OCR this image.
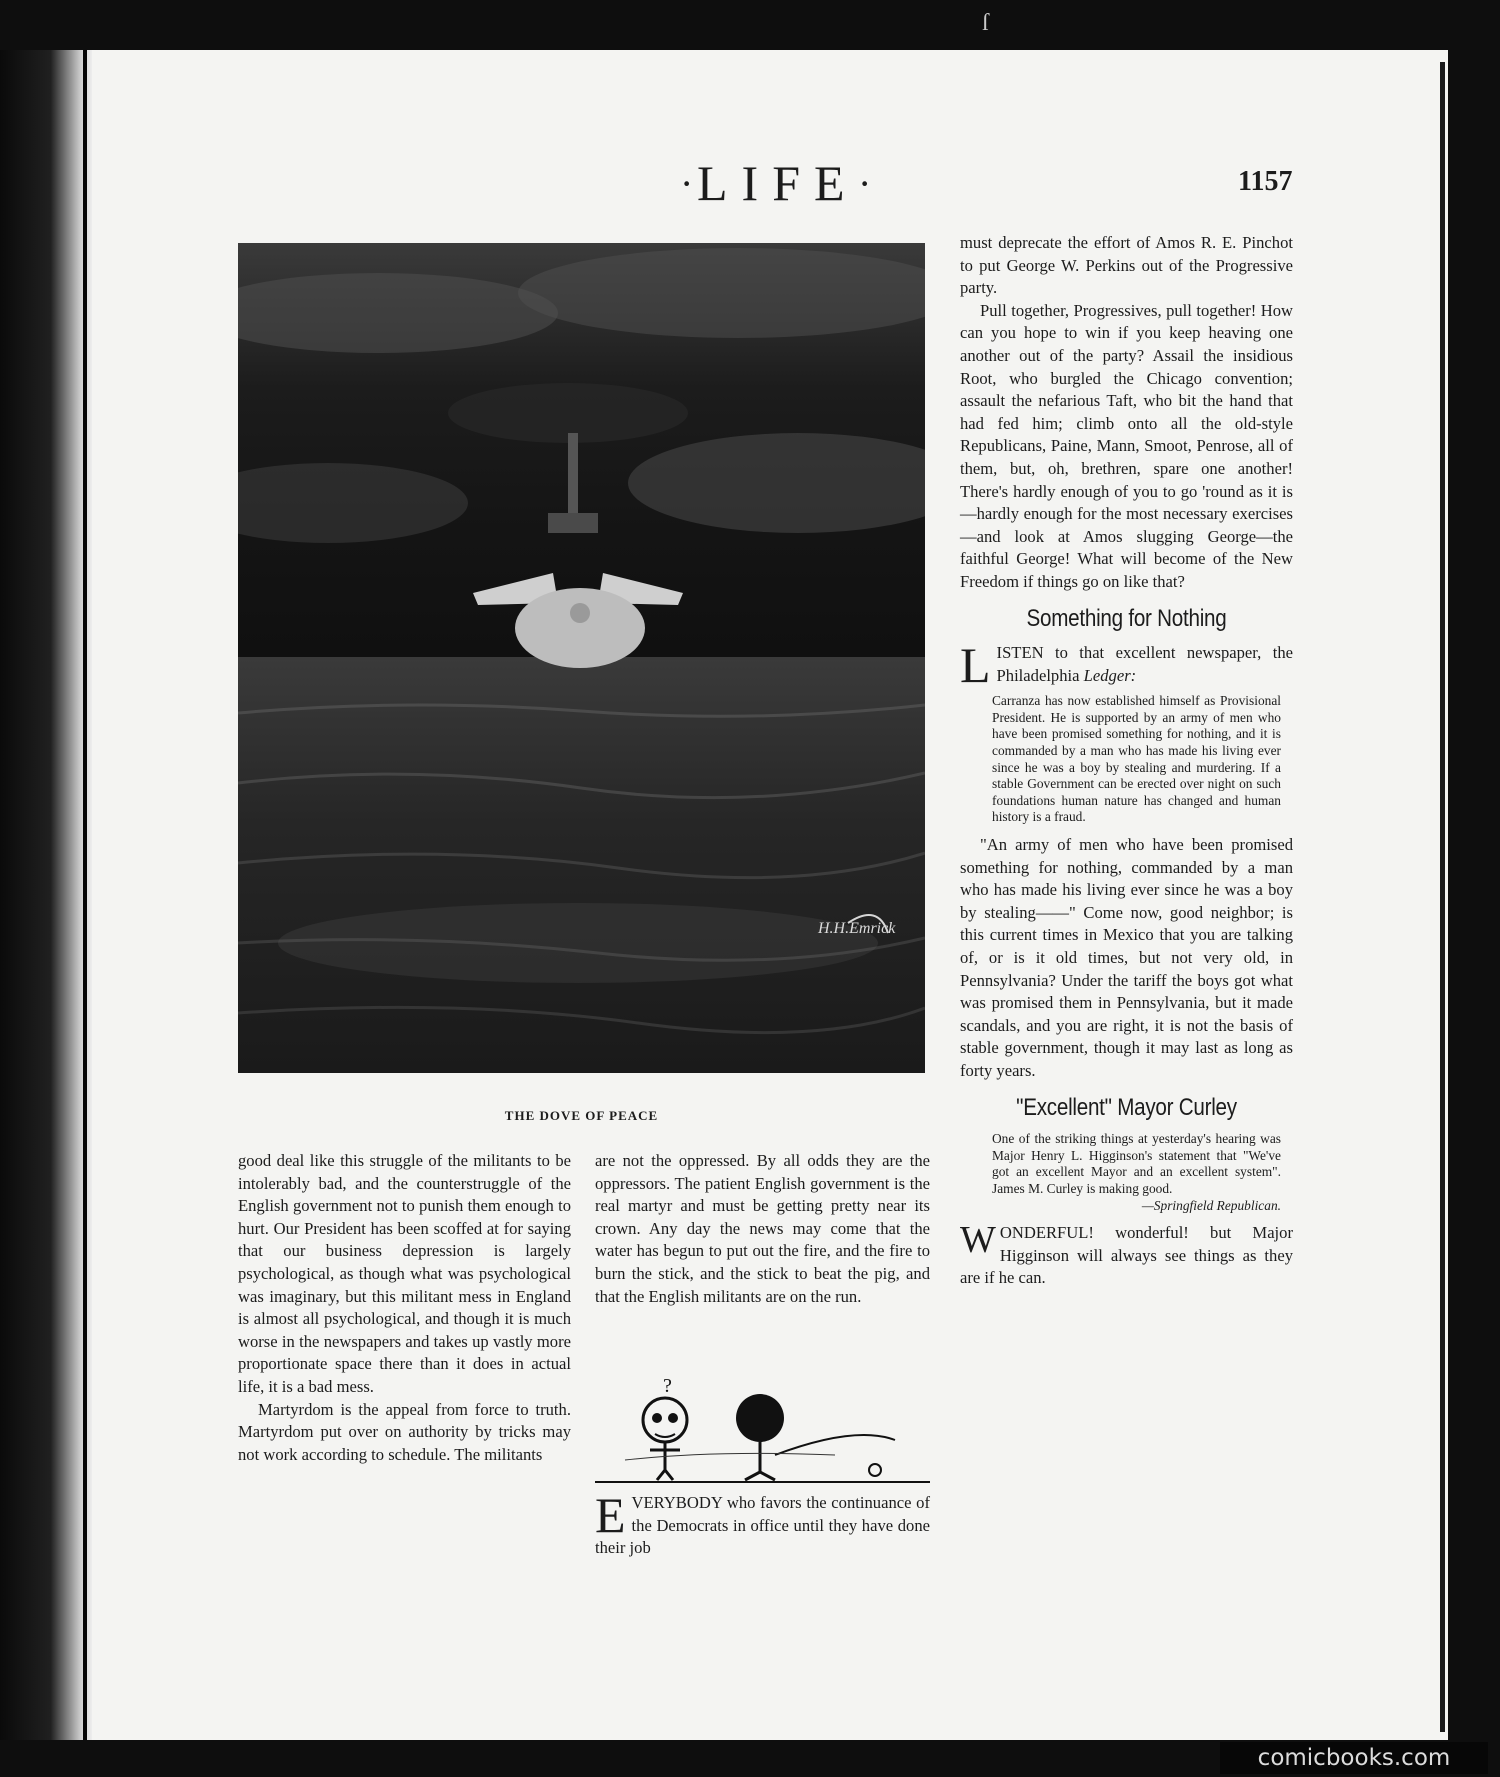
ſ
· LIFE ·	1157
H.H.Emrick
THE DOVE OF PEACE

good deal like this struggle of the militants to be intolerably bad, and the counterstruggle of the English government not to punish them enough to hurt. Our President has been scoffed at for saying that our business depression is largely psychological, as though what was psychological was imaginary, but this militant mess in England is almost all psychological, and though it is much worse in the newspapers and takes up vastly more proportionate space there than it does in actual life, it is a bad mess.

Martyrdom is the appeal from force to truth. Martyrdom put over on authority by tricks may not work according to schedule. The militants

are not the oppressed. By all odds they are the oppressors. The patient English government is the real martyr and must be getting pretty near its crown. Any day the news may come that the water has begun to put out the fire, and the fire to burn the stick, and the stick to beat the pig, and that the English militants are on the run.

?

EVERYBODY who favors the continuance of the Democrats in office until they have done their job

must deprecate the effort of Amos R. E. Pinchot to put George W. Perkins out of the Progressive party.

Pull together, Progressives, pull together! How can you hope to win if you keep heaving one another out of the party? Assail the insidious Root, who burgled the Chicago convention; assault the nefarious Taft, who bit the hand that had fed him; climb onto all the old-style Republicans, Paine, Mann, Smoot, Penrose, all of them, but, oh, brethren, spare one another! There's hardly enough of you to go 'round as it is—hardly enough for the most necessary exercises—and look at Amos slugging George—the faithful George! What will become of the New Freedom if things go on like that?

Something for Nothing

LISTEN to that excellent newspaper, the Philadelphia Ledger:

Carranza has now established himself as Provisional President. He is supported by an army of men who have been promised something for nothing, and it is commanded by a man who has made his living ever since he was a boy by stealing and murdering. If a stable Government can be erected over night on such foundations human nature has changed and human history is a fraud.

"An army of men who have been promised something for nothing, commanded by a man who has made his living ever since he was a boy by stealing——" Come now, good neighbor; is this current times in Mexico that you are talking of, or is it old times, but not very old, in Pennsylvania? Under the tariff the boys got what was promised them in Pennsylvania, but it made scandals, and you are right, it is not the basis of stable government, though it may last as long as forty years.

"Excellent" Mayor Curley

One of the striking things at yesterday's hearing was Major Henry L. Higginson's statement that "We've got an excellent Mayor and an excellent system". James M. Curley is making good.

—Springfield Republican.

WONDERFUL! wonderful! but Major Higginson will always see things as they are if he can.

comicbooks.com
